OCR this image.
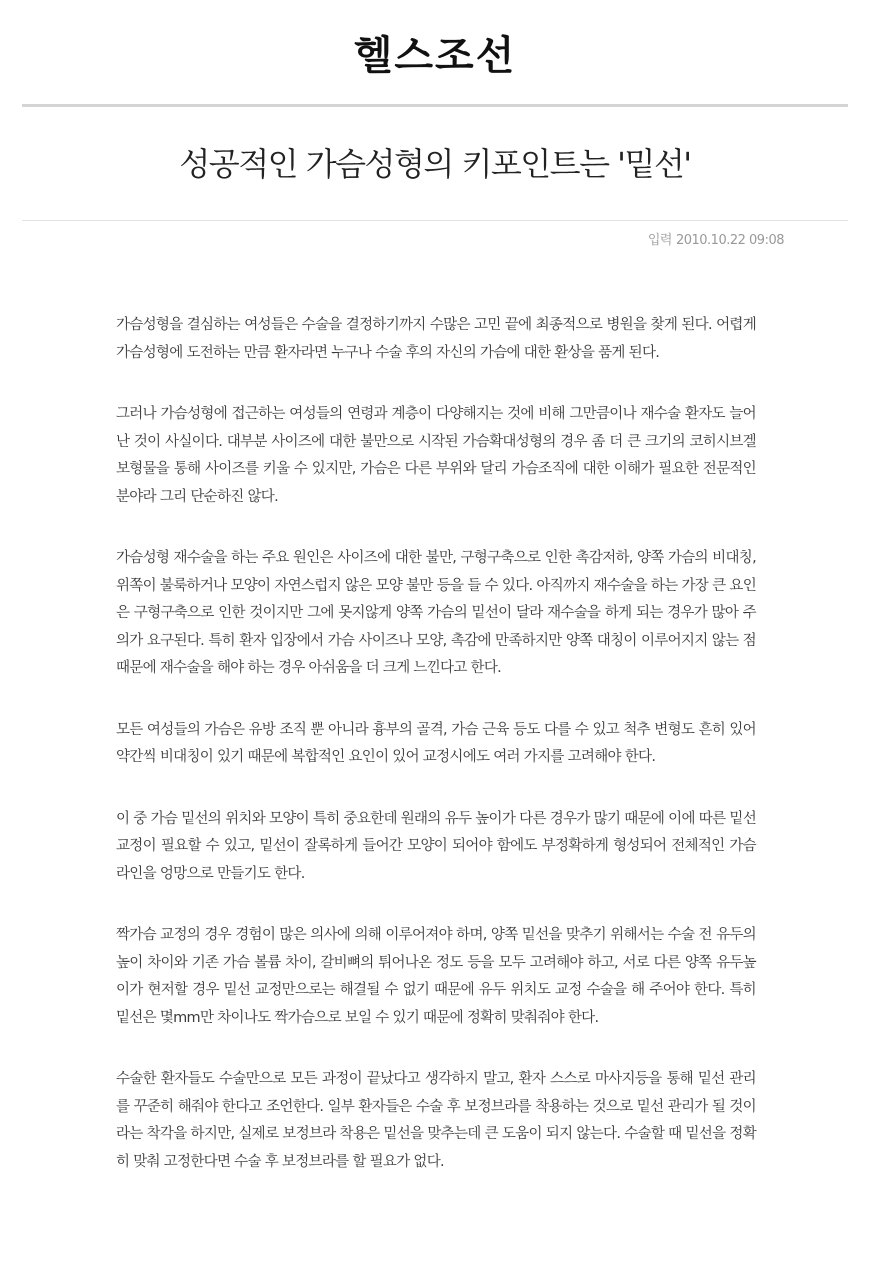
헬스조선
성공적인 가슴성형의 키포인트는 '밑선'
입력 2010.10.22 09:08

가슴성형을 결심하는 여성들은 수술을 결정하기까지 수많은 고민 끝에 최종적으로 병원을 찾게 된다. 어렵게 가슴성형에 도전하는 만큼 환자라면 누구나 수술 후의 자신의 가슴에 대한 환상을 품게 된다.

그러나 가슴성형에 접근하는 여성들의 연령과 계층이 다양해지는 것에 비해 그만큼이나 재수술 환자도 늘어난 것이 사실이다. 대부분 사이즈에 대한 불만으로 시작된 가슴확대성형의 경우 좀 더 큰 크기의 코히시브겔 보형물을 통해 사이즈를 키울 수 있지만, 가슴은 다른 부위와 달리 가슴조직에 대한 이해가 필요한 전문적인 분야라 그리 단순하진 않다.

가슴성형 재수술을 하는 주요 원인은 사이즈에 대한 불만, 구형구축으로 인한 촉감저하, 양쪽 가슴의 비대칭, 위쪽이 불룩하거나 모양이 자연스럽지 않은 모양 불만 등을 들 수 있다. 아직까지 재수술을 하는 가장 큰 요인은 구형구축으로 인한 것이지만 그에 못지않게 양쪽 가슴의 밑선이 달라 재수술을 하게 되는 경우가 많아 주의가 요구된다. 특히 환자 입장에서 가슴 사이즈나 모양, 촉감에 만족하지만 양쪽 대칭이 이루어지지 않는 점 때문에 재수술을 해야 하는 경우 아쉬움을 더 크게 느낀다고 한다.

모든 여성들의 가슴은 유방 조직 뿐 아니라 흉부의 골격, 가슴 근육 등도 다를 수 있고 척추 변형도 흔히 있어 약간씩 비대칭이 있기 때문에 복합적인 요인이 있어 교정시에도 여러 가지를 고려해야 한다.

이 중 가슴 밑선의 위치와 모양이 특히 중요한데 원래의 유두 높이가 다른 경우가 많기 때문에 이에 따른 밑선 교정이 필요할 수 있고, 밑선이 잘록하게 들어간 모양이 되어야 함에도 부정확하게 형성되어 전체적인 가슴 라인을 엉망으로 만들기도 한다.

짝가슴 교정의 경우 경험이 많은 의사에 의해 이루어져야 하며, 양쪽 밑선을 맞추기 위해서는 수술 전 유두의 높이 차이와 기존 가슴 볼륨 차이, 갈비뼈의 튀어나온 정도 등을 모두 고려해야 하고, 서로 다른 양쪽 유두높이가 현저할 경우 밑선 교정만으로는 해결될 수 없기 때문에 유두 위치도 교정 수술을 해 주어야 한다. 특히 밑선은 몇mm만 차이나도 짝가슴으로 보일 수 있기 때문에 정확히 맞춰줘야 한다.

수술한 환자들도 수술만으로 모든 과정이 끝났다고 생각하지 말고, 환자 스스로 마사지등을 통해 밑선 관리를 꾸준히 해줘야 한다고 조언한다. 일부 환자들은 수술 후 보정브라를 착용하는 것으로 밑선 관리가 될 것이라는 착각을 하지만, 실제로 보정브라 착용은 밑선을 맞추는데 큰 도움이 되지 않는다. 수술할 때 밑선을 정확히 맞춰 고정한다면 수술 후 보정브라를 할 필요가 없다.
